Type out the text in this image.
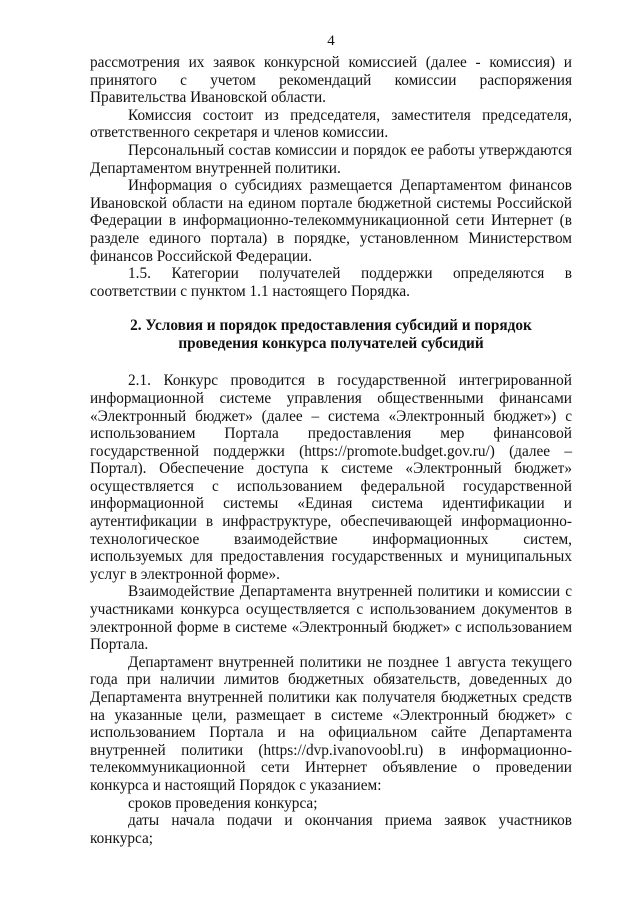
4

рассмотрения их заявок конкурсной комиссией (далее - комиссия) и принятого с учетом рекомендаций комиссии распоряжения Правительства Ивановской области.

Комиссия состоит из председателя, заместителя председателя, ответственного секретаря и членов комиссии.

Персональный состав комиссии и порядок ее работы утверждаются Департаментом внутренней политики.

Информация о субсидиях размещается Департаментом финансов Ивановской области на едином портале бюджетной системы Российской Федерации в информационно-телекоммуникационной сети Интернет (в разделе единого портала) в порядке, установленном Министерством финансов Российской Федерации.

1.5. Категории получателей поддержки определяются в соответствии с пунктом 1.1 настоящего Порядка.

2. Условия и порядок предоставления субсидий и порядок
проведения конкурса получателей субсидий

2.1. Конкурс проводится в государственной интегрированной информационной системе управления общественными финансами «Электронный бюджет» (далее – система «Электронный бюджет») с использованием Портала предоставления мер финансовой государственной поддержки (https://promote.budget.gov.ru/) (далее – Портал). Обеспечение доступа к системе «Электронный бюджет» осуществляется с использованием федеральной государственной информационной системы «Единая система идентификации и аутентификации в инфраструктуре, обеспечивающей информационно-технологическое взаимодействие информационных систем, используемых для предоставления государственных и муниципальных услуг в электронной форме».

Взаимодействие Департамента внутренней политики и комиссии с участниками конкурса осуществляется с использованием документов в электронной форме в системе «Электронный бюджет» с использованием Портала.

Департамент внутренней политики не позднее 1 августа текущего года при наличии лимитов бюджетных обязательств, доведенных до Департамента внутренней политики как получателя бюджетных средств на указанные цели, размещает в системе «Электронный бюджет» с использованием Портала и на официальном сайте Департамента внутренней политики (https://dvp.ivanovoobl.ru) в информационно-телекоммуникационной сети Интернет объявление о проведении конкурса и настоящий Порядок с указанием:

сроков проведения конкурса;

даты начала подачи и окончания приема заявок участников конкурса;
